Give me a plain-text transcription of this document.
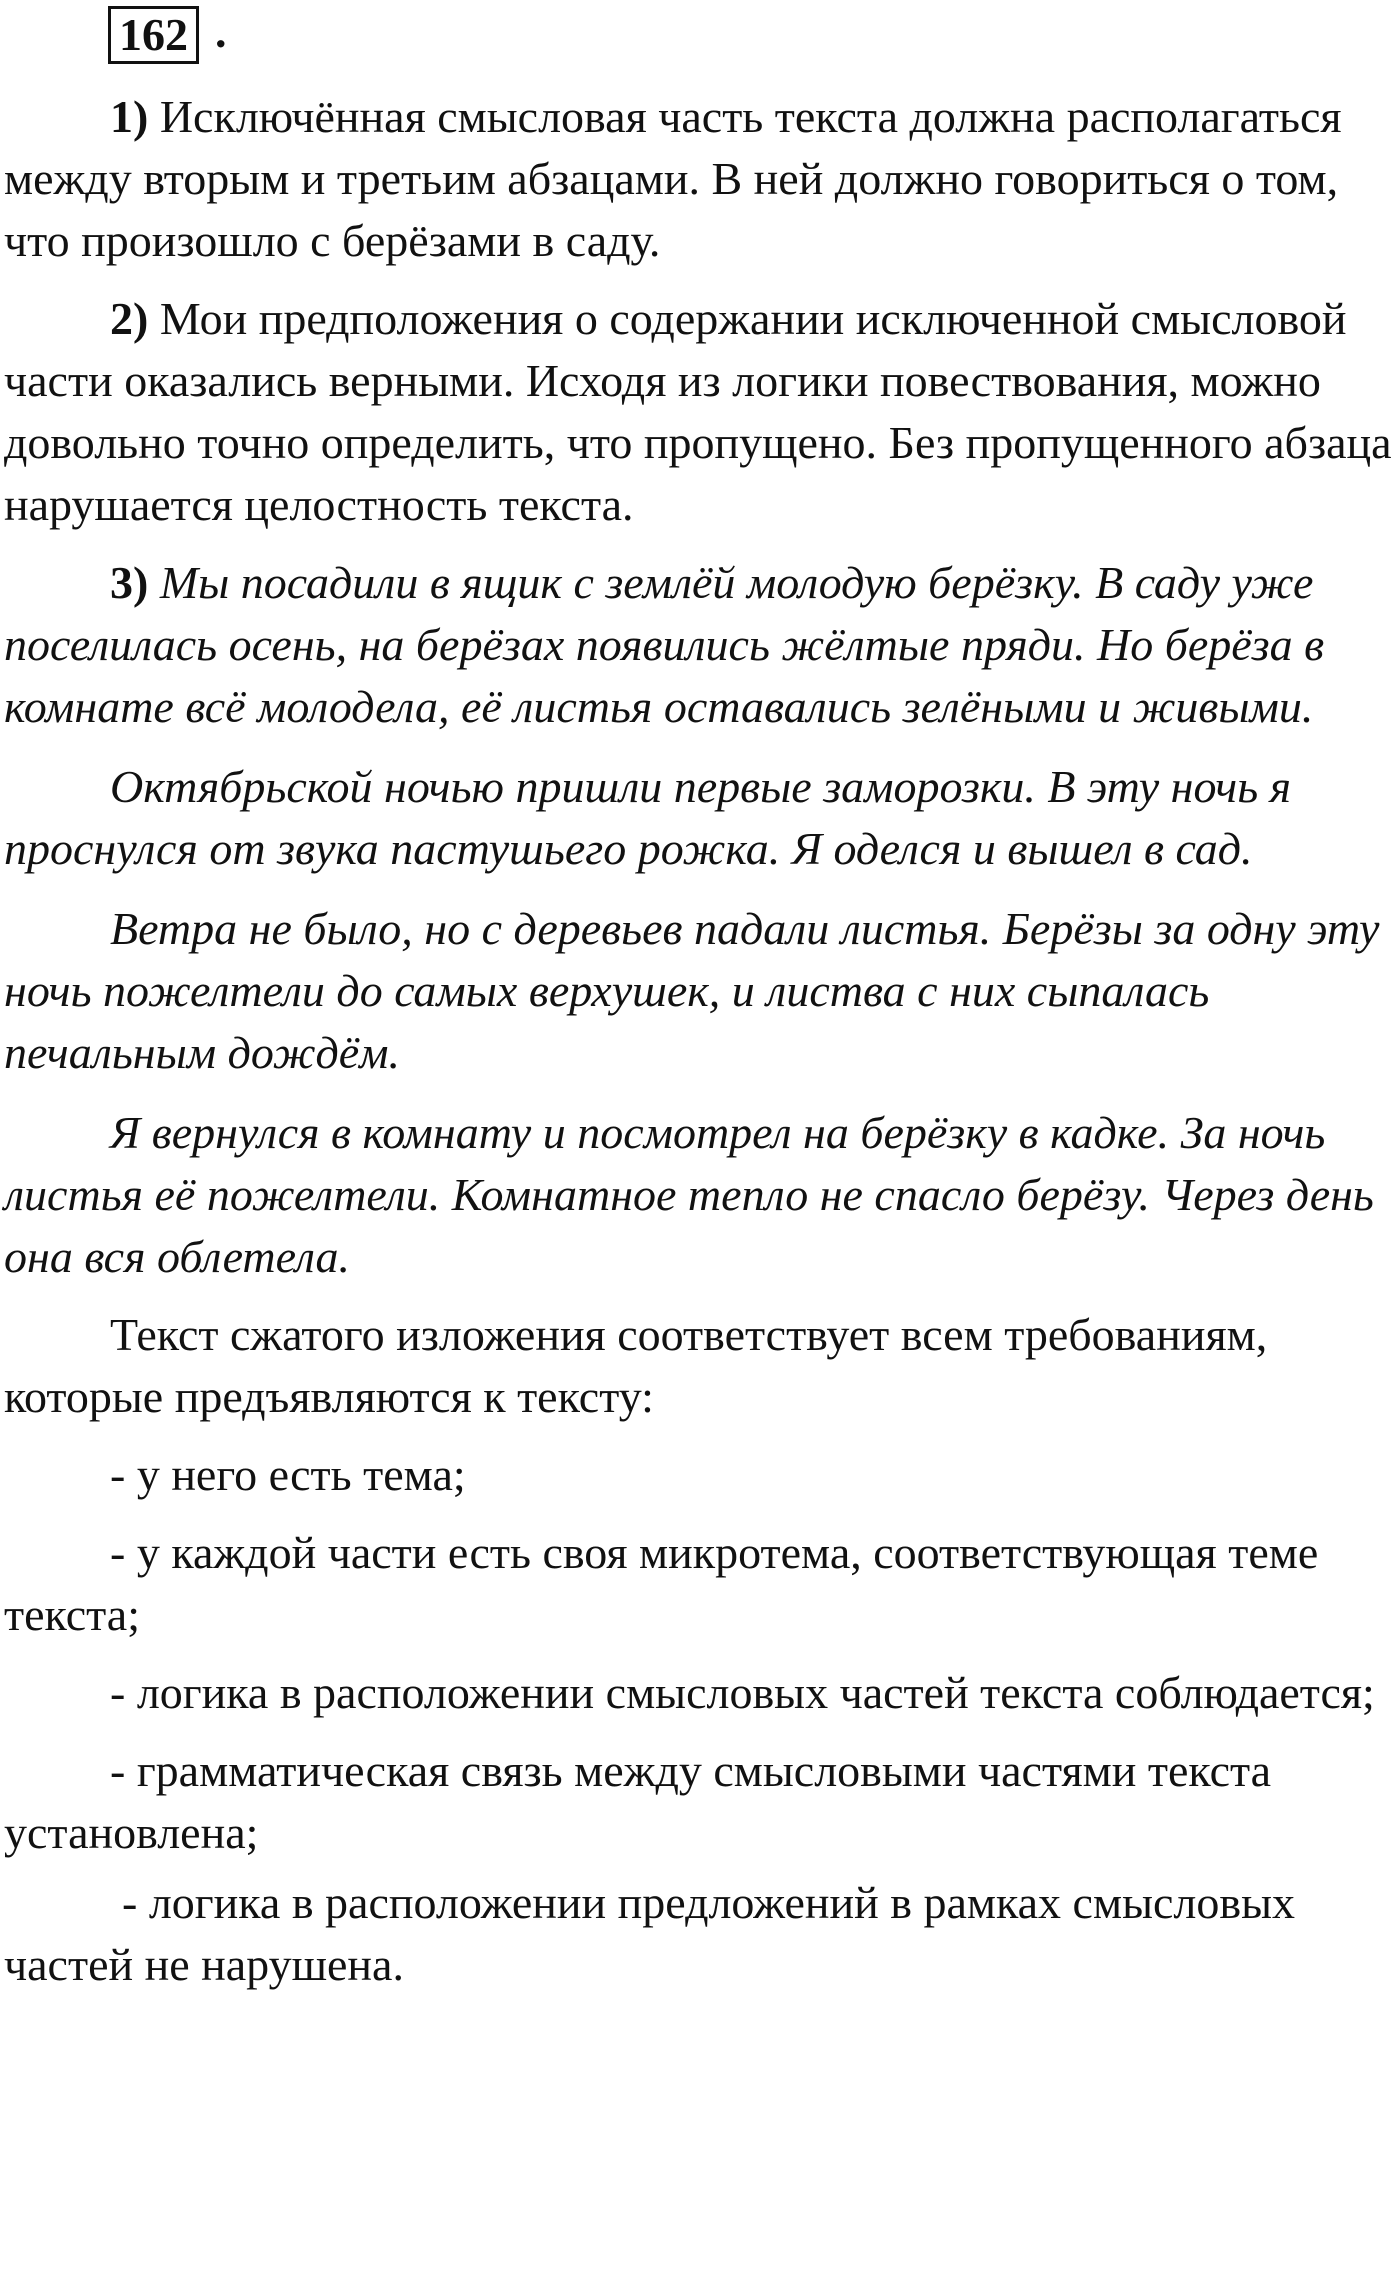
162 .

1) Исключённая смысловая часть текста должна располагаться между вторым и третьим абзацами. В ней должно говориться о том, что произошло с берёзами в саду.

2) Мои предположения о содержании исключенной смысловой части оказались верными. Исходя из логики повествования, можно довольно точно определить, что пропущено. Без пропущенного абзаца нарушается целостность текста.

3) Мы посадили в ящик с землёй молодую берёзку. В саду уже поселилась осень, на берёзах появились жёлтые пряди. Но берёза в комнате всё молодела, её листья оставались зелёными и живыми.

Октябрьской ночью пришли первые заморозки. В эту ночь я проснулся от звука пастушьего рожка. Я оделся и вышел в сад.

Ветра не было, но с деревьев падали листья. Берёзы за одну эту ночь пожелтели до самых верхушек, и листва с них сыпалась печальным дождём.

Я вернулся в комнату и посмотрел на берёзку в кадке. За ночь листья её пожелтели. Комнатное тепло не спасло берёзу. Через день она вся облетела.

Текст сжатого изложения соответствует всем требованиям, которые предъявляются к тексту:

- у него есть тема;

- у каждой части есть своя микротема, соответствующая теме текста;

- логика в расположении смысловых частей текста соблюдается;

- грамматическая связь между смысловыми частями текста установлена;

- логика в расположении предложений в рамках смысловых частей не нарушена.
